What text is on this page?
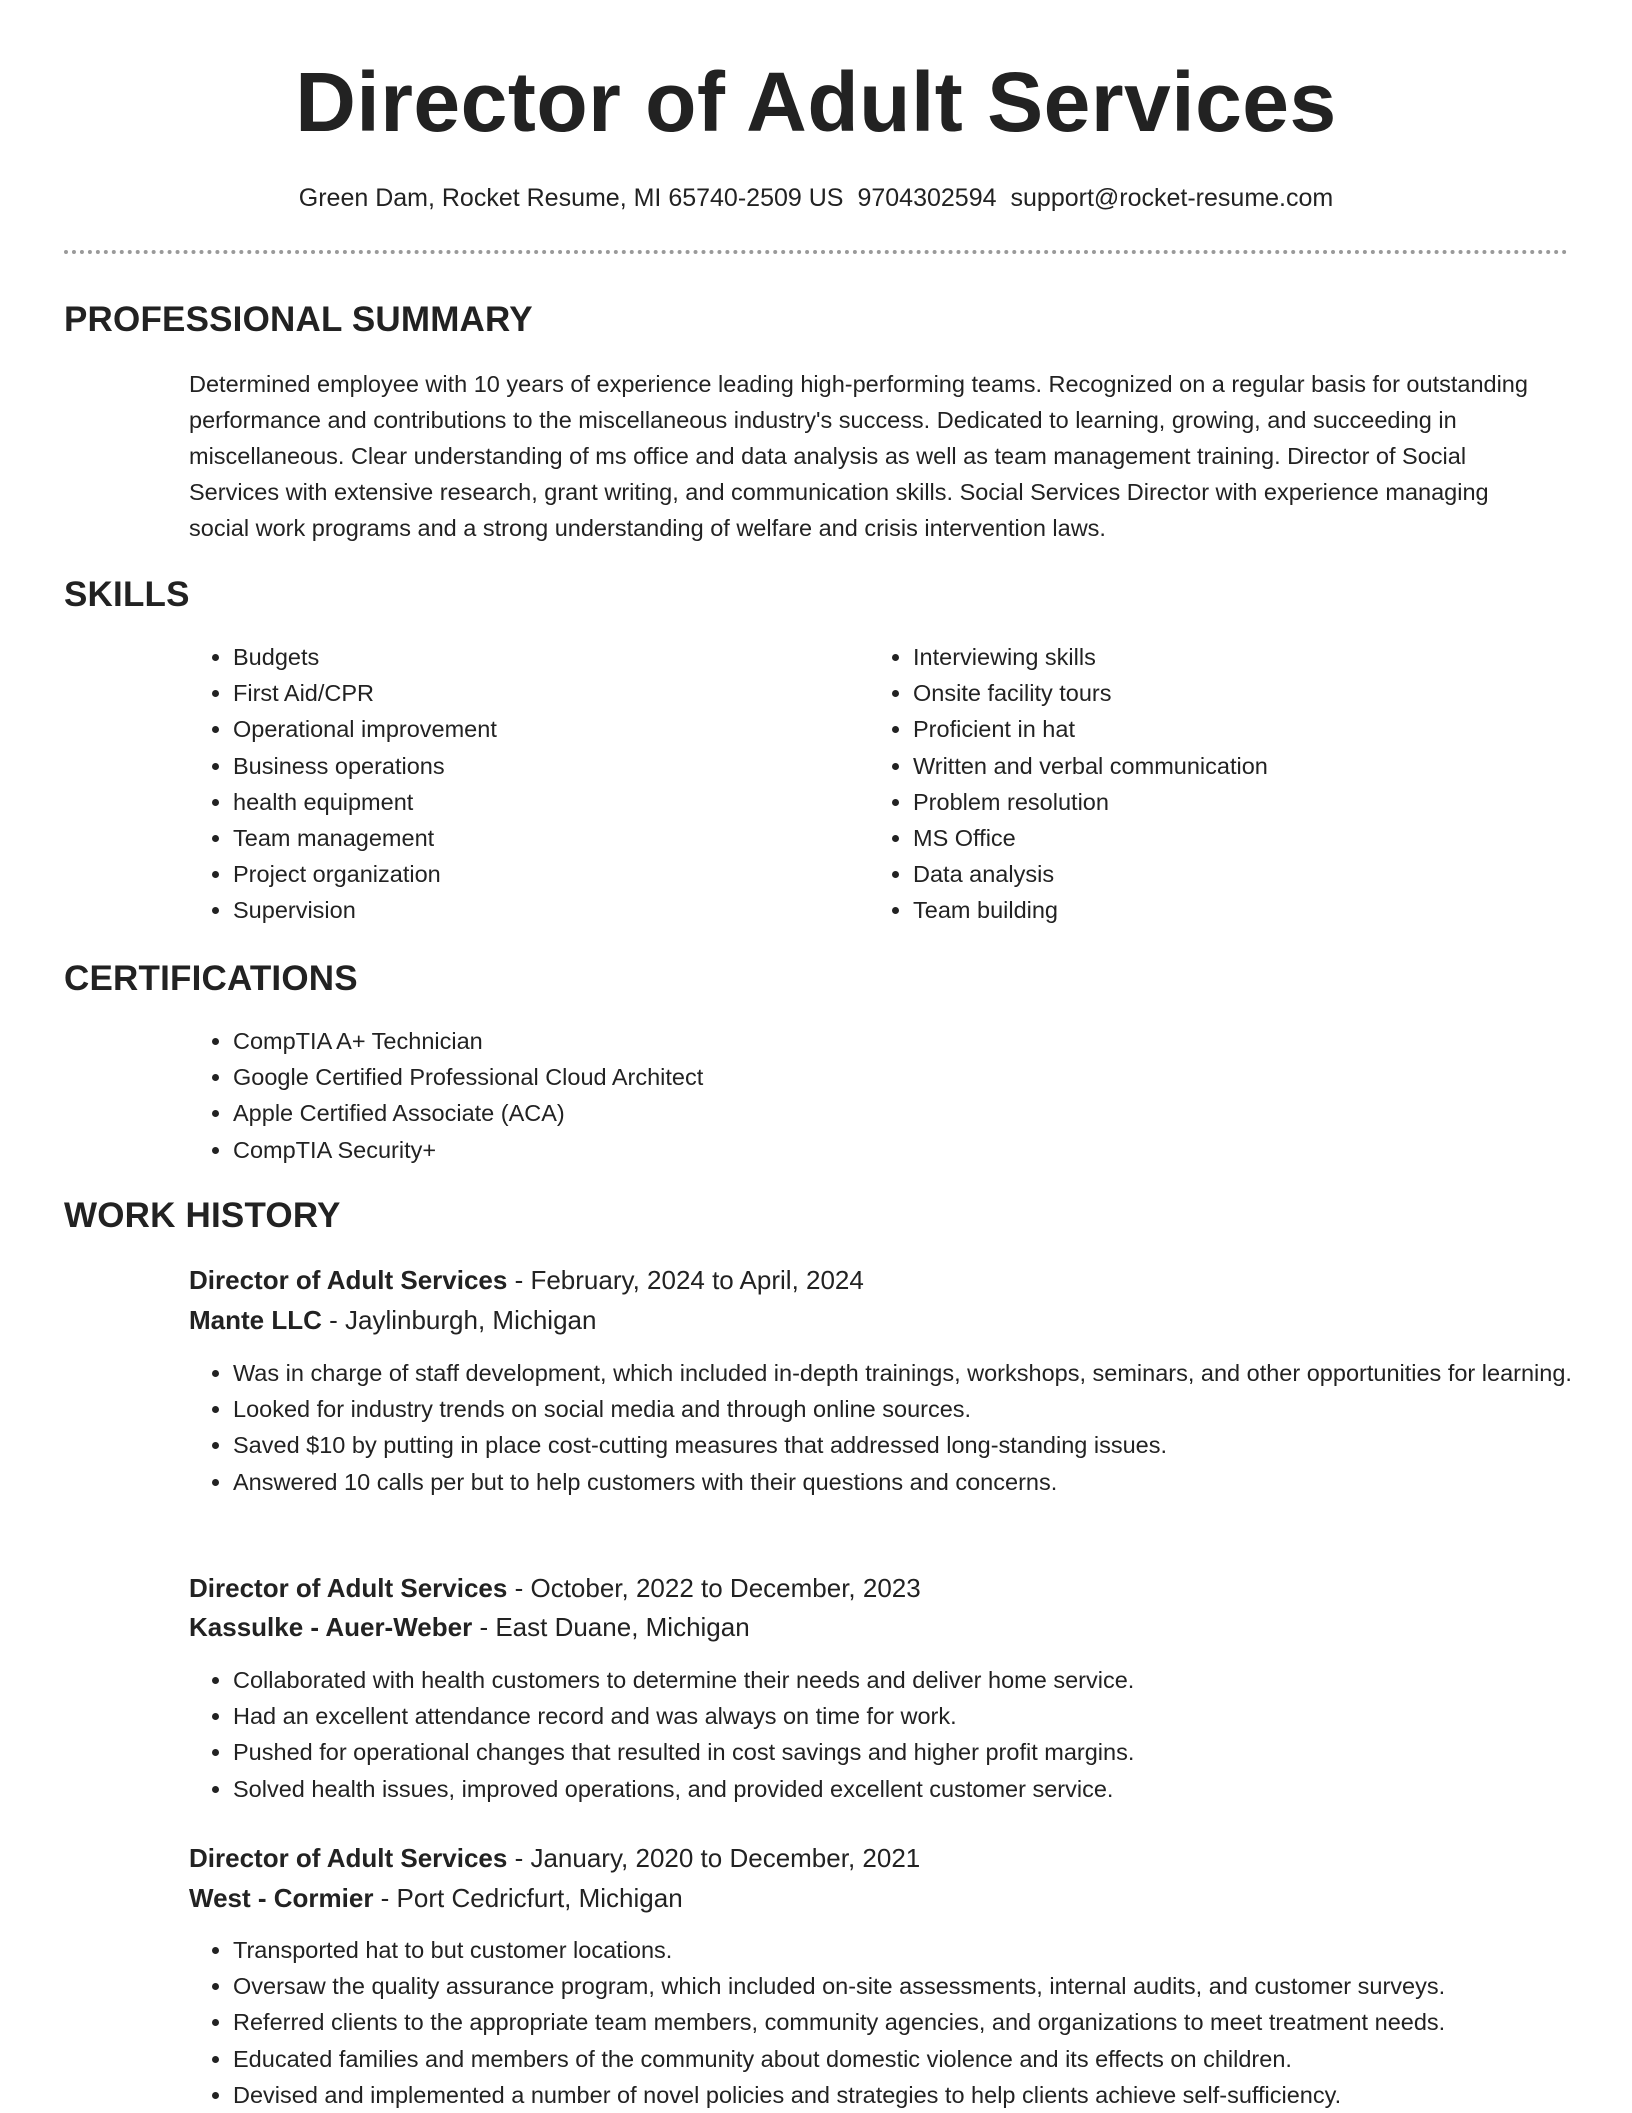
Director of Adult Services
Green Dam, Rocket Resume, MI 65740-2509 US 9704302594 support@rocket-resume.com
PROFESSIONAL SUMMARY

Determined employee with 10 years of experience leading high-performing teams. Recognized on a regular basis for outstanding performance and contributions to the miscellaneous industry's success. Dedicated to learning, growing, and succeeding in miscellaneous. Clear understanding of ms office and data analysis as well as team management training. Director of Social Services with extensive research, grant writing, and communication skills. Social Services Director with experience managing social work programs and a strong understanding of welfare and crisis intervention laws.

SKILLS
• Budgets
• First Aid/CPR
• Operational improvement
• Business operations
• health equipment
• Team management
• Project organization
• Supervision
• Interviewing skills
• Onsite facility tours
• Proficient in hat
• Written and verbal communication
• Problem resolution
• MS Office
• Data analysis
• Team building
CERTIFICATIONS
• CompTIA A+ Technician
• Google Certified Professional Cloud Architect
• Apple Certified Associate (ACA)
• CompTIA Security+
WORK HISTORY
Director of Adult Services - February, 2024 to April, 2024
Mante LLC - Jaylinburgh, Michigan
• Was in charge of staff development, which included in-depth trainings, workshops, seminars, and other opportunities for learning.
• Looked for industry trends on social media and through online sources.
• Saved $10 by putting in place cost-cutting measures that addressed long-standing issues.
• Answered 10 calls per but to help customers with their questions and concerns.
Director of Adult Services - October, 2022 to December, 2023
Kassulke - Auer-Weber - East Duane, Michigan
• Collaborated with health customers to determine their needs and deliver home service.
• Had an excellent attendance record and was always on time for work.
• Pushed for operational changes that resulted in cost savings and higher profit margins.
• Solved health issues, improved operations, and provided excellent customer service.
Director of Adult Services - January, 2020 to December, 2021
West - Cormier - Port Cedricfurt, Michigan
• Transported hat to but customer locations.
• Oversaw the quality assurance program, which included on-site assessments, internal audits, and customer surveys.
• Referred clients to the appropriate team members, community agencies, and organizations to meet treatment needs.
• Educated families and members of the community about domestic violence and its effects on children.
• Devised and implemented a number of novel policies and strategies to help clients achieve self-sufficiency.
